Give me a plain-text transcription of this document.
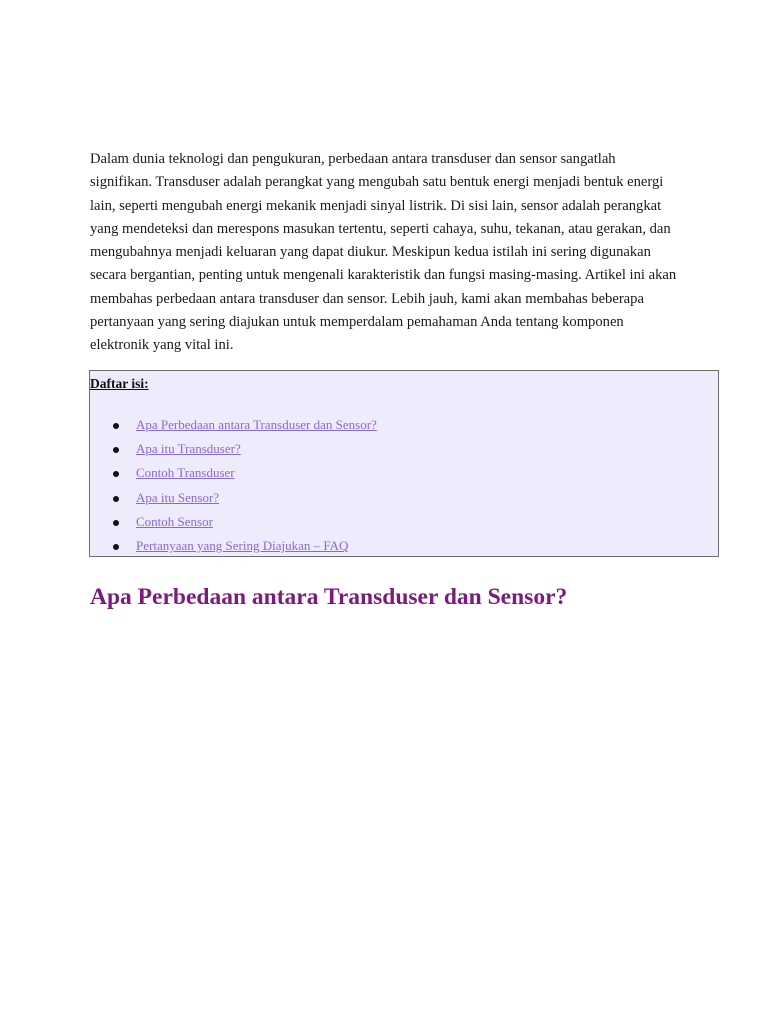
Dalam dunia teknologi dan pengukuran, perbedaan antara transduser dan sensor sangatlah signifikan. Transduser adalah perangkat yang mengubah satu bentuk energi menjadi bentuk energi lain, seperti mengubah energi mekanik menjadi sinyal listrik. Di sisi lain, sensor adalah perangkat yang mendeteksi dan merespons masukan tertentu, seperti cahaya, suhu, tekanan, atau gerakan, dan mengubahnya menjadi keluaran yang dapat diukur. Meskipun kedua istilah ini sering digunakan secara bergantian, penting untuk mengenali karakteristik dan fungsi masing-masing. Artikel ini akan membahas perbedaan antara transduser dan sensor. Lebih jauh, kami akan membahas beberapa pertanyaan yang sering diajukan untuk memperdalam pemahaman Anda tentang komponen elektronik yang vital ini.

Daftar isi:

Apa Perbedaan antara Transduser dan Sensor?
Apa itu Transduser?
Contoh Transduser
Apa itu Sensor?
Contoh Sensor
Pertanyaan yang Sering Diajukan – FAQ
Apa Perbedaan antara Transduser dan Sensor?
